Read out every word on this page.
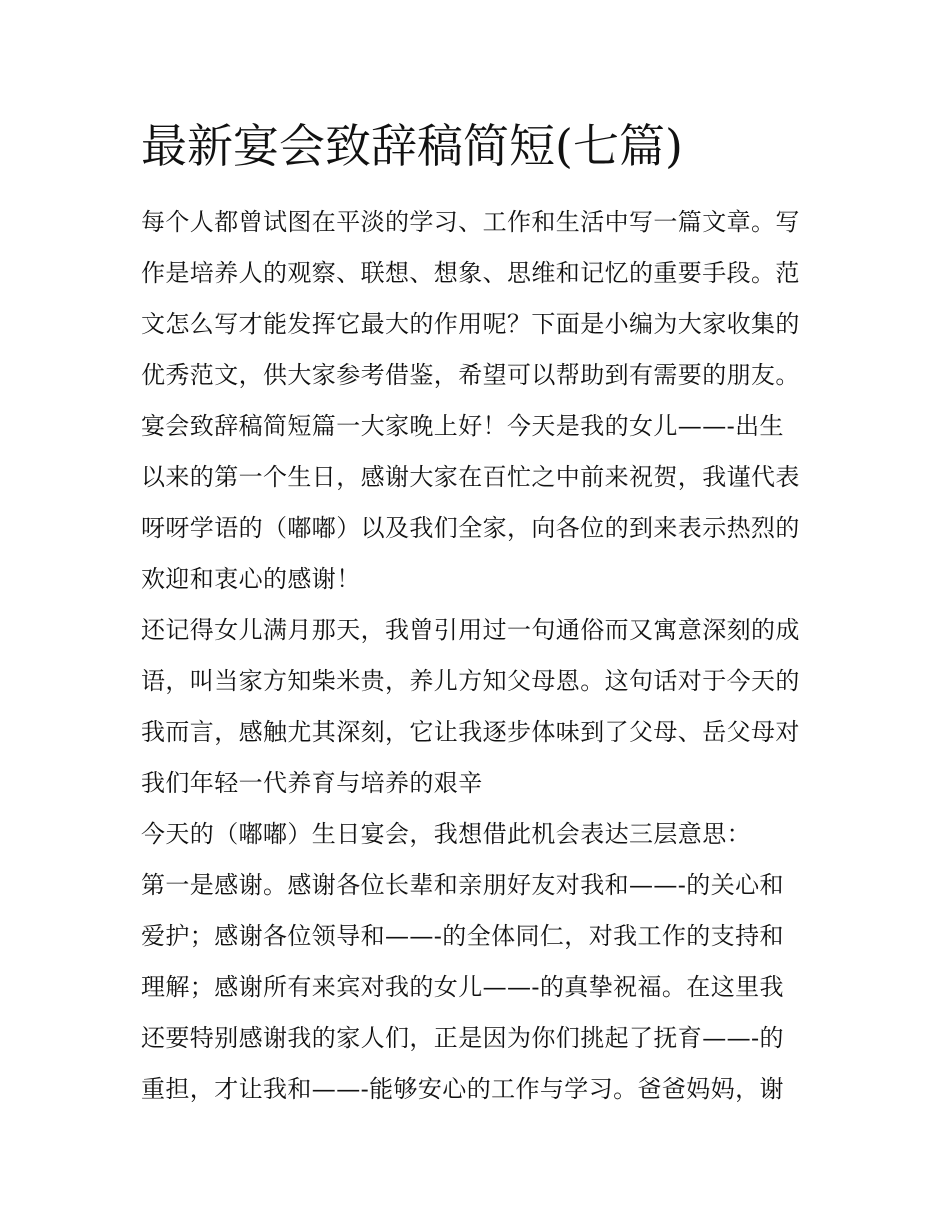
最新宴会致辞稿简短(七篇)
每个人都曾试图在平淡的学习、工作和生活中写一篇文章。写
作是培养人的观察、联想、想象、思维和记忆的重要手段。范
文怎么写才能发挥它最大的作用呢？下面是小编为大家收集的
优秀范文，供大家参考借鉴，希望可以帮助到有需要的朋友。
宴会致辞稿简短篇一大家晚上好！今天是我的女儿——-出生
以来的第一个生日，感谢大家在百忙之中前来祝贺，我谨代表
呀呀学语的（嘟嘟）以及我们全家，向各位的到来表示热烈的
欢迎和衷心的感谢！
还记得女儿满月那天，我曾引用过一句通俗而又寓意深刻的成
语，叫当家方知柴米贵，养儿方知父母恩。这句话对于今天的
我而言，感触尤其深刻，它让我逐步体味到了父母、岳父母对
我们年轻一代养育与培养的艰辛
今天的（嘟嘟）生日宴会，我想借此机会表达三层意思：
第一是感谢。感谢各位长辈和亲朋好友对我和——-的关心和
爱护；感谢各位领导和——-的全体同仁，对我工作的支持和
理解；感谢所有来宾对我的女儿——-的真挚祝福。在这里我
还要特别感谢我的家人们，正是因为你们挑起了抚育——-的
重担，才让我和——-能够安心的工作与学习。爸爸妈妈，谢
